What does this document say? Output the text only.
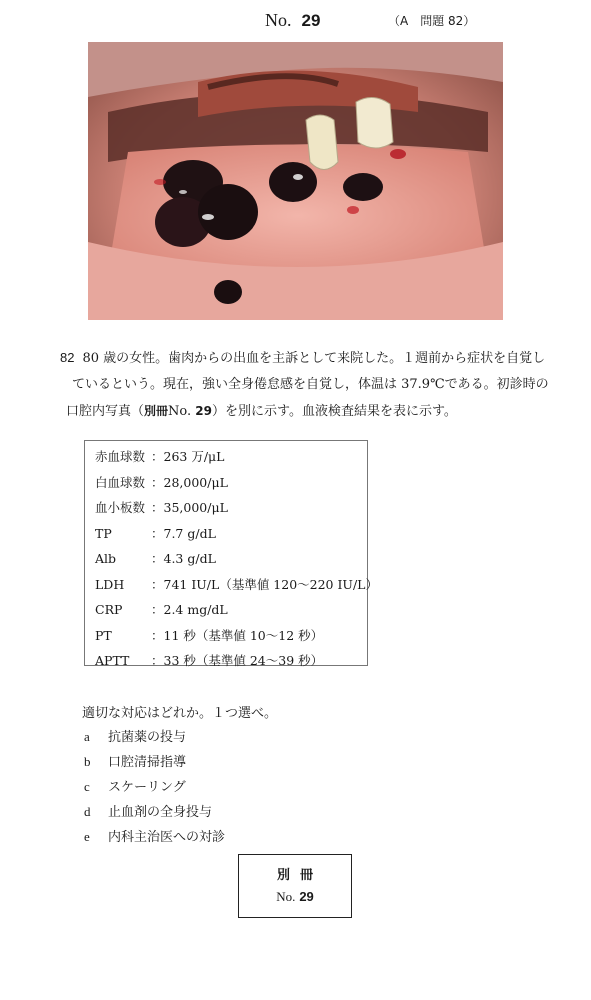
No. 29	（A　問題 82）
82 80 歳の女性。歯肉からの出血を主訴として来院した。１週前から症状を自覚し
ているという。現在，強い全身倦怠感を自覚し，体温は 37.9℃である。初診時の
口腔内写真（別冊No. 29）を別に示す。血液検査結果を表に示す。
赤血球数 ：263 万/μL
白血球数 ：28,000/μL
血小板数 ：35,000/μL
TP	：7.7 g/dL
Alb	：4.3 g/dL
LDH ：741 IU/L（基準値 120〜220 IU/L）
CRP ：2.4 mg/dL
PT	：11 秒（基準値 10〜12 秒）
APTT ：33 秒（基準値 24〜39 秒）
適切な対応はどれか。１つ選べ。
a 抗菌薬の投与
b 口腔清掃指導
c スケーリング
d 止血剤の全身投与
e 内科主治医への対診
別冊
No. 29
